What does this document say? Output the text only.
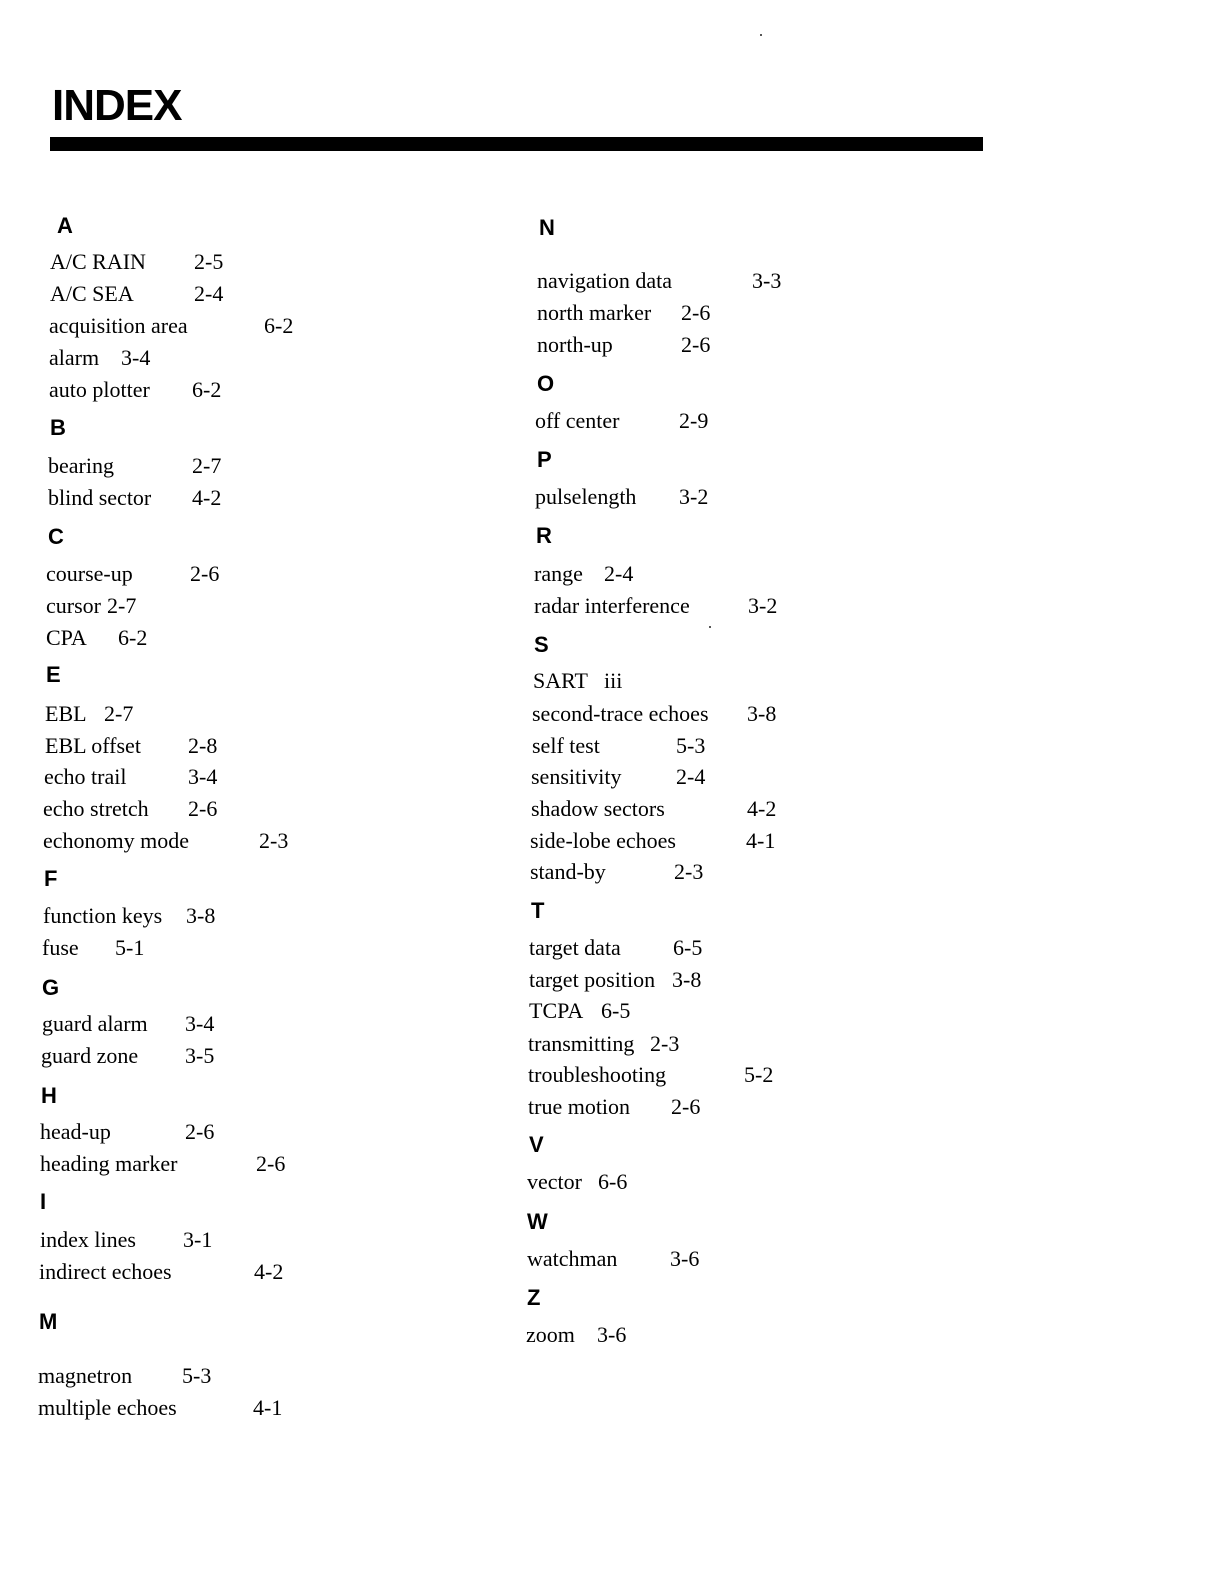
INDEX
A
A/C RAIN 2-5
A/C SEA	2-4
acquisition area	6-2
alarm 3-4
auto plotter 6-2
B
bearing	2-7
blind sector 4-2
C
course-up	2-6
cursor 2-7
CPA 6-2
E
EBL 2-7
EBL offset 2-8
echo trail	3-4
echo stretch 2-6
echonomy mode	2-3
F
function keys 3-8
fuse 5-1
G
guard alarm 3-4
guard zone 3-5
H
head-up	2-6
heading marker	2-6
I
index lines 3-1
indirect echoes	4-2
M
magnetron 5-3
multiple echoes	4-1
N
navigation data	3-3
north marker 2-6
north-up	2-6
O
off center	2-9
P
pulselength 3-2
R
range 2-4
radar interference	3-2
S
SART iii
second-trace echoes 3-8
self test	5-3
sensitivity 2-4
shadow sectors	4-2
side-lobe echoes	4-1
stand-by	2-3
T
target data 6-5
target position 3-8
TCPA 6-5
transmitting 2-3
troubleshooting	5-2
true motion 2-6
V
vector 6-6
W
watchman 3-6
Z
zoom 3-6
